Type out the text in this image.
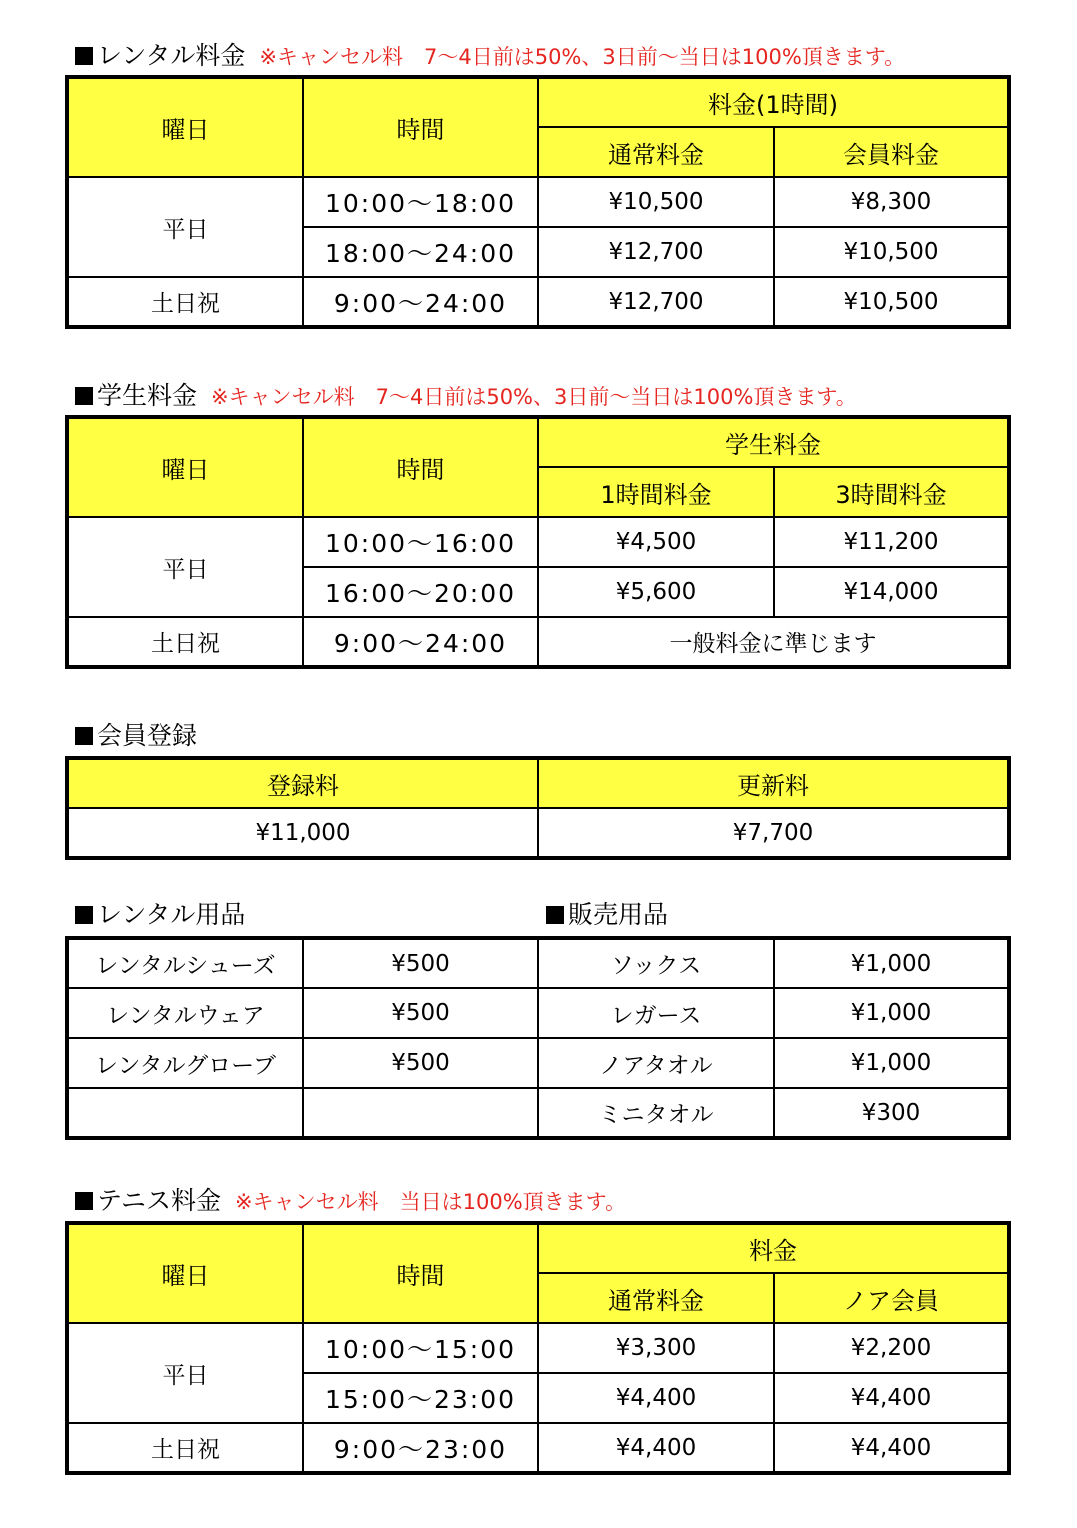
レンタル料金 ※キャンセル料　7～4日前は50%、3日前～当日は100%頂きます。
曜日	時間	料金(1時間)	
		通常料金	会員料金
平日	10:00～18:00	¥10,500	¥8,300
	18:00～24:00	¥12,700	¥10,500
土日祝	9:00～24:00	¥12,700	¥10,500
学生料金 ※キャンセル料　7～4日前は50%、3日前～当日は100%頂きます。
曜日	時間	学生料金	
		1時間料金	3時間料金
平日	10:00～16:00	¥4,500	¥11,200
	16:00～20:00	¥5,600	¥14,000
土日祝	9:00～24:00	一般料金に準じます	
会員登録
登録料	更新料
¥11,000	¥7,700
レンタル用品	販売用品
レンタルシューズ	¥500	ソックス	¥1,000
レンタルウェア	¥500	レガース	¥1,000
レンタルグローブ	¥500	ノアタオル	¥1,000
		ミニタオル	¥300
テニス料金 ※キャンセル料　当日は100%頂きます。
曜日	時間	料金	
		通常料金	ノア会員
平日	10:00～15:00	¥3,300	¥2,200
	15:00～23:00	¥4,400	¥4,400
土日祝	9:00～23:00	¥4,400	¥4,400
